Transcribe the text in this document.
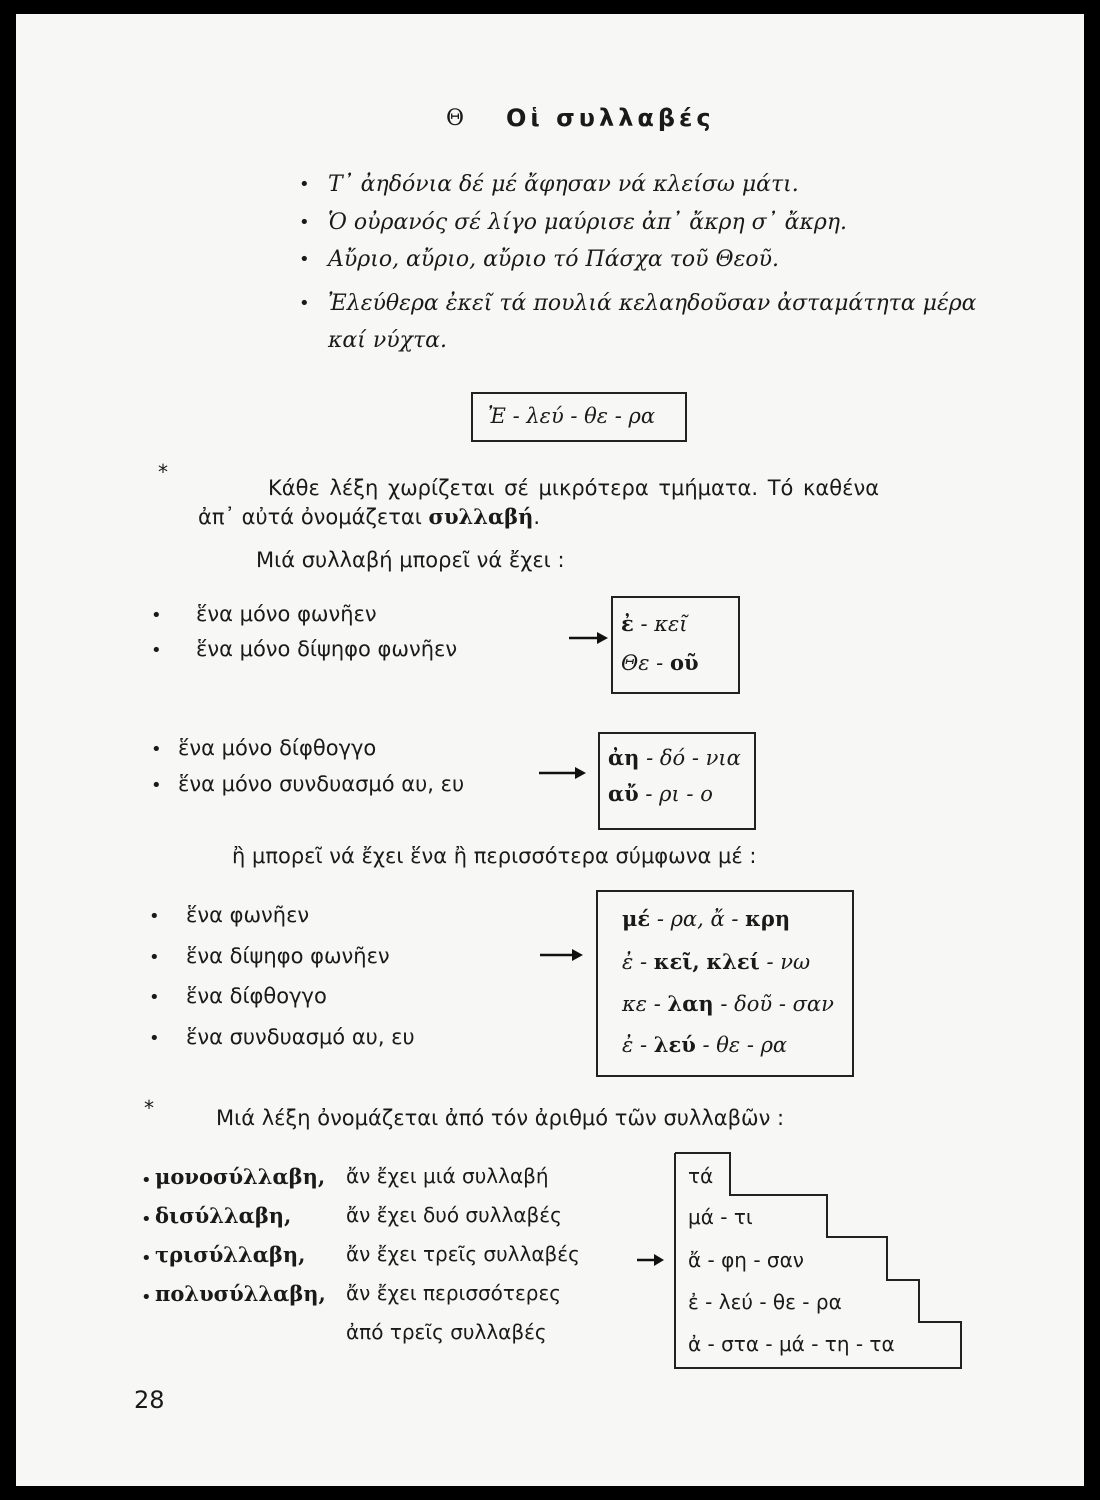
Θ Οἱ συλλαβές
• Τ᾽ ἀηδόνια δέ μέ ἄφησαν νά κλείσω μάτι.
• Ὁ οὐρανός σέ λίγο μαύρισε ἀπ᾽ ἄκρη σ᾽ ἄκρη.
• Αὔριο, αὔριο, αὔριο τό Πάσχα τοῦ Θεοῦ.
• Ἐλεύθερα ἐκεῖ τά πουλιά κελαηδοῦσαν ἀσταμάτητα μέρα
καί νύχτα.
Ἐ - λεύ - θε - ρα
*
Κάθε λέξη χωρίζεται σέ μικρότερα τμήματα. Τό καθένα
ἀπ᾽ αὐτά ὀνομάζεται συλλαβή.
Μιά συλλαβή μπορεῖ νά ἔχει :
• ἕνα μόνο φωνῆεν
• ἕνα μόνο δίψηφο φωνῆεν
ἐ - κεῖ
Θε - οῦ
• ἕνα μόνο δίφθογγο
• ἕνα μόνο συνδυασμό αυ, ευ
ἀη - δό - νια
αὔ - ρι - ο
ἢ μπορεῖ νά ἔχει ἕνα ἢ περισσότερα σύμφωνα μέ :
• ἕνα φωνῆεν
• ἕνα δίψηφο φωνῆεν
• ἕνα δίφθογγο
• ἕνα συνδυασμό αυ, ευ
μέ - ρα, ἄ - κρη
ἐ - κεῖ, κλεί - νω
κε - λαη - δοῦ - σαν
ἐ - λεύ - θε - ρα
*	Μιά λέξη ὀνομάζεται ἀπό τόν ἀριθμό τῶν συλλαβῶν :
• μονοσύλλαβη, ἄν ἔχει μιά συλλαβή
• δισύλλαβη,	ἄν ἔχει δυό συλλαβές
• τρισύλλαβη, ἄν ἔχει τρεῖς συλλαβές
• πολυσύλλαβη, ἄν ἔχει περισσότερες
ἀπό τρεῖς συλλαβές
τά
μά - τι
ἄ - φη - σαν
ἐ - λεύ - θε - ρα
ἀ - στα - μά - τη - τα
28
